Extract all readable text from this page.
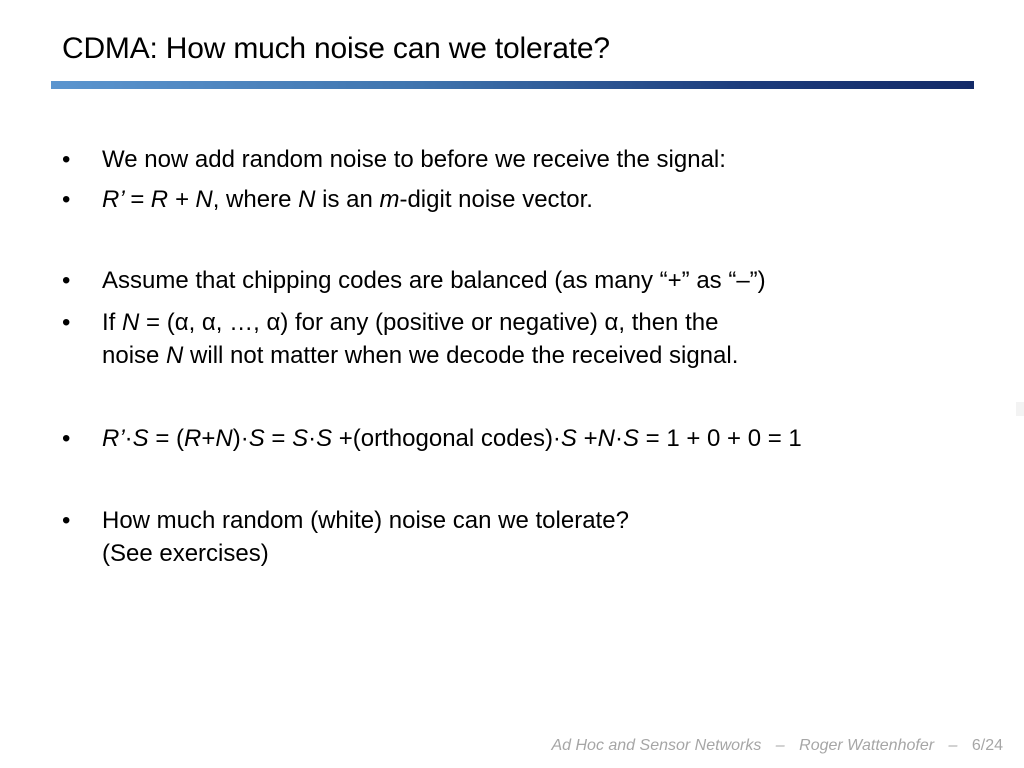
CDMA: How much noise can we tolerate?
•	We now add random noise to before we receive the signal:
•	R’ = R + N, where N is an m-digit noise vector.
•	Assume that chipping codes are balanced (as many “+” as “–”)
•	If N = (α, α, …, α) for any (positive or negative) α, then the
noise N will not matter when we decode the received signal.
•	R’·S = (R+N)·S = S·S +(orthogonal codes)·S +N·S = 1 + 0 + 0 = 1
•	How much random (white) noise can we tolerate?
(See exercises)
Ad Hoc and Sensor Networks – Roger Wattenhofer – 6/24
